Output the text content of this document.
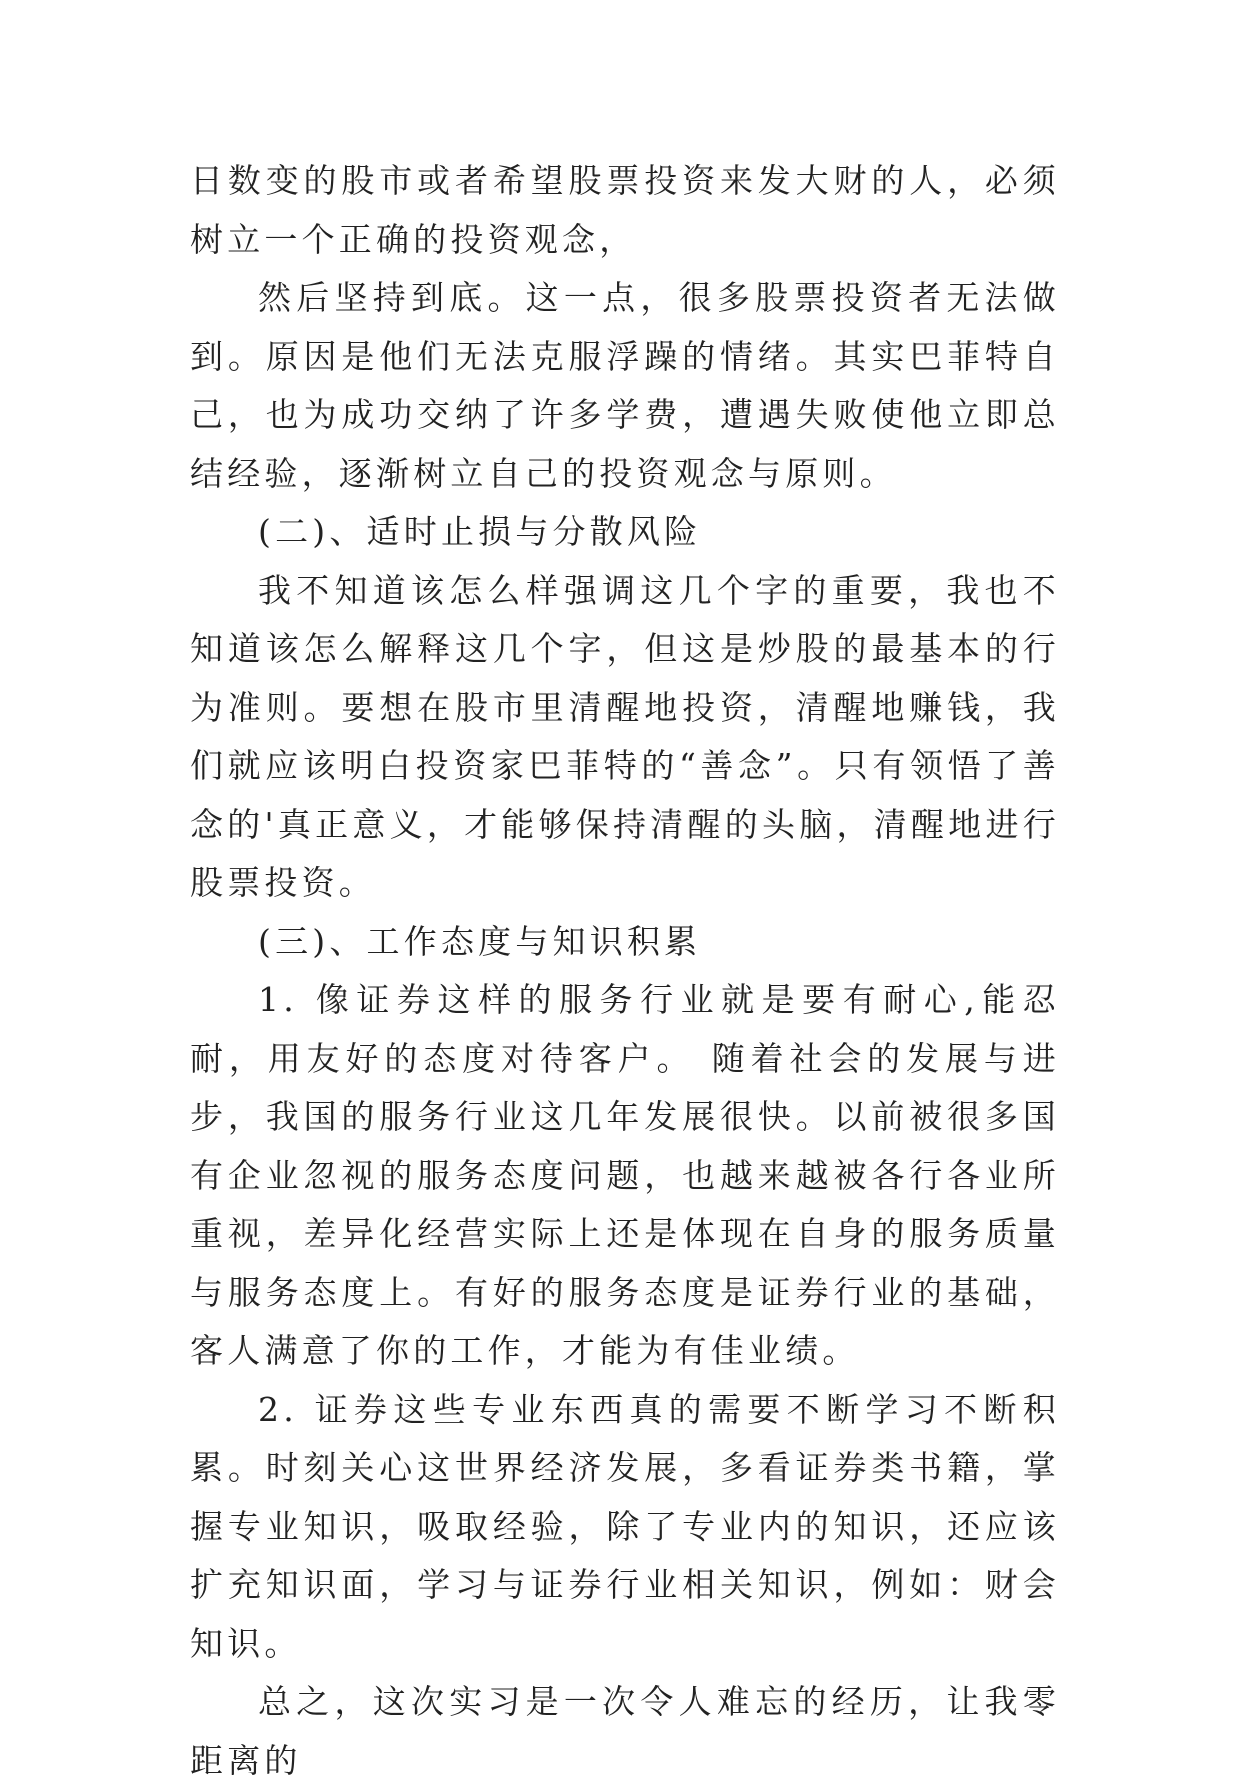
日数变的股市或者希望股票投资来发大财的人，必须树立一个正确的投资观念，

然后坚持到底。这一点，很多股票投资者无法做到。原因是他们无法克服浮躁的情绪。其实巴菲特自己，也为成功交纳了许多学费，遭遇失败使他立即总结经验，逐渐树立自己的投资观念与原则。

(二)、适时止损与分散风险

我不知道该怎么样强调这几个字的重要，我也不知道该怎么解释这几个字，但这是炒股的最基本的行为准则。要想在股市里清醒地投资，清醒地赚钱，我们就应该明白投资家巴菲特的“善念”。只有领悟了善念的'真正意义，才能够保持清醒的头脑，清醒地进行股票投资。

(三)、工作态度与知识积累

1. 像证券这样的服务行业就是要有耐心,能忍耐，用友好的态度对待客户。 随着社会的发展与进步，我国的服务行业这几年发展很快。以前被很多国有企业忽视的服务态度问题，也越来越被各行各业所重视，差异化经营实际上还是体现在自身的服务质量与服务态度上。有好的服务态度是证券行业的基础，客人满意了你的工作，才能为有佳业绩。

2. 证券这些专业东西真的需要不断学习不断积累。时刻关心这世界经济发展，多看证券类书籍，掌握专业知识，吸取经验，除了专业内的知识，还应该扩充知识面，学习与证券行业相关知识，例如：财会知识。

总之，这次实习是一次令人难忘的经历，让我零距离的
